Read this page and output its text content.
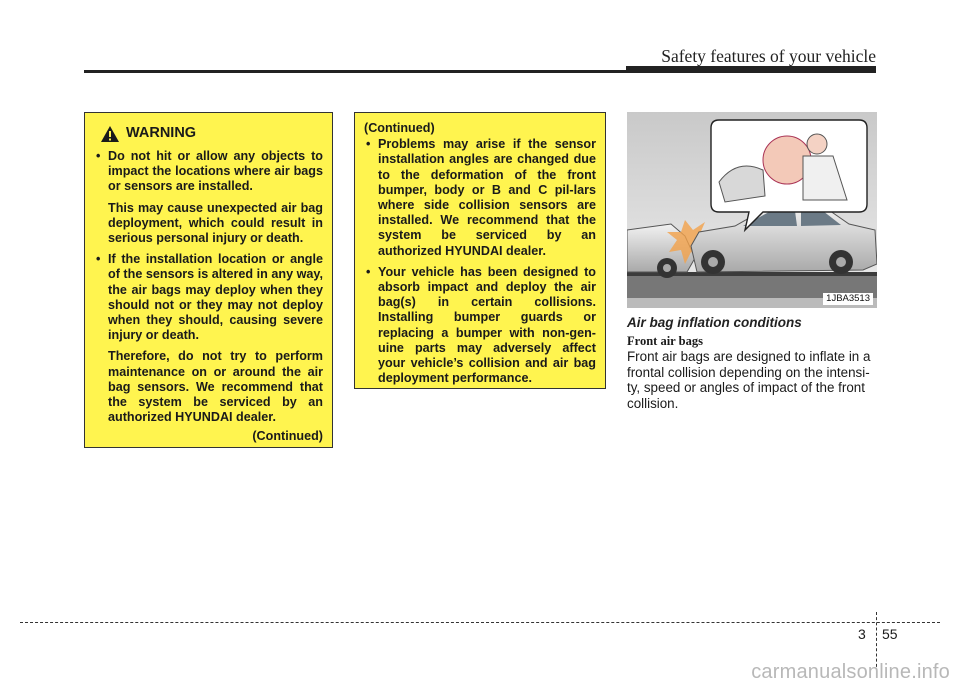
Safety features of your vehicle
WARNING
• Do not hit or allow any objects to impact the locations where air bags or sensors are installed.

This may cause unexpected air bag deployment, which could result in serious personal injury or death.

• If the installation location or angle of the sensors is altered in any way, the air bags may deploy when they should not or they may not deploy when they should, causing severe injury or death.

Therefore, do not try to perform maintenance on or around the air bag sensors. We recommend that the system be serviced by an authorized HYUNDAI dealer.

(Continued)
(Continued)
• Problems may arise if the sensor installation angles are changed due to the deformation of the front bumper, body or B and C pil-lars where side collision sensors are installed. We recommend that the system be serviced by an authorized HYUNDAI dealer.
• Your vehicle has been designed to absorb impact and deploy the air bag(s) in certain collisions. Installing bumper guards or replacing a bumper with non-gen-uine parts may adversely affect your vehicle’s collision and air bag deployment performance.
1JBA3513
Air bag inflation conditions
Front air bags
Front air bags are designed to inflate in a frontal collision depending on the intensi-ty, speed or angles of impact of the front collision.
3 55
carmanualsonline.info
